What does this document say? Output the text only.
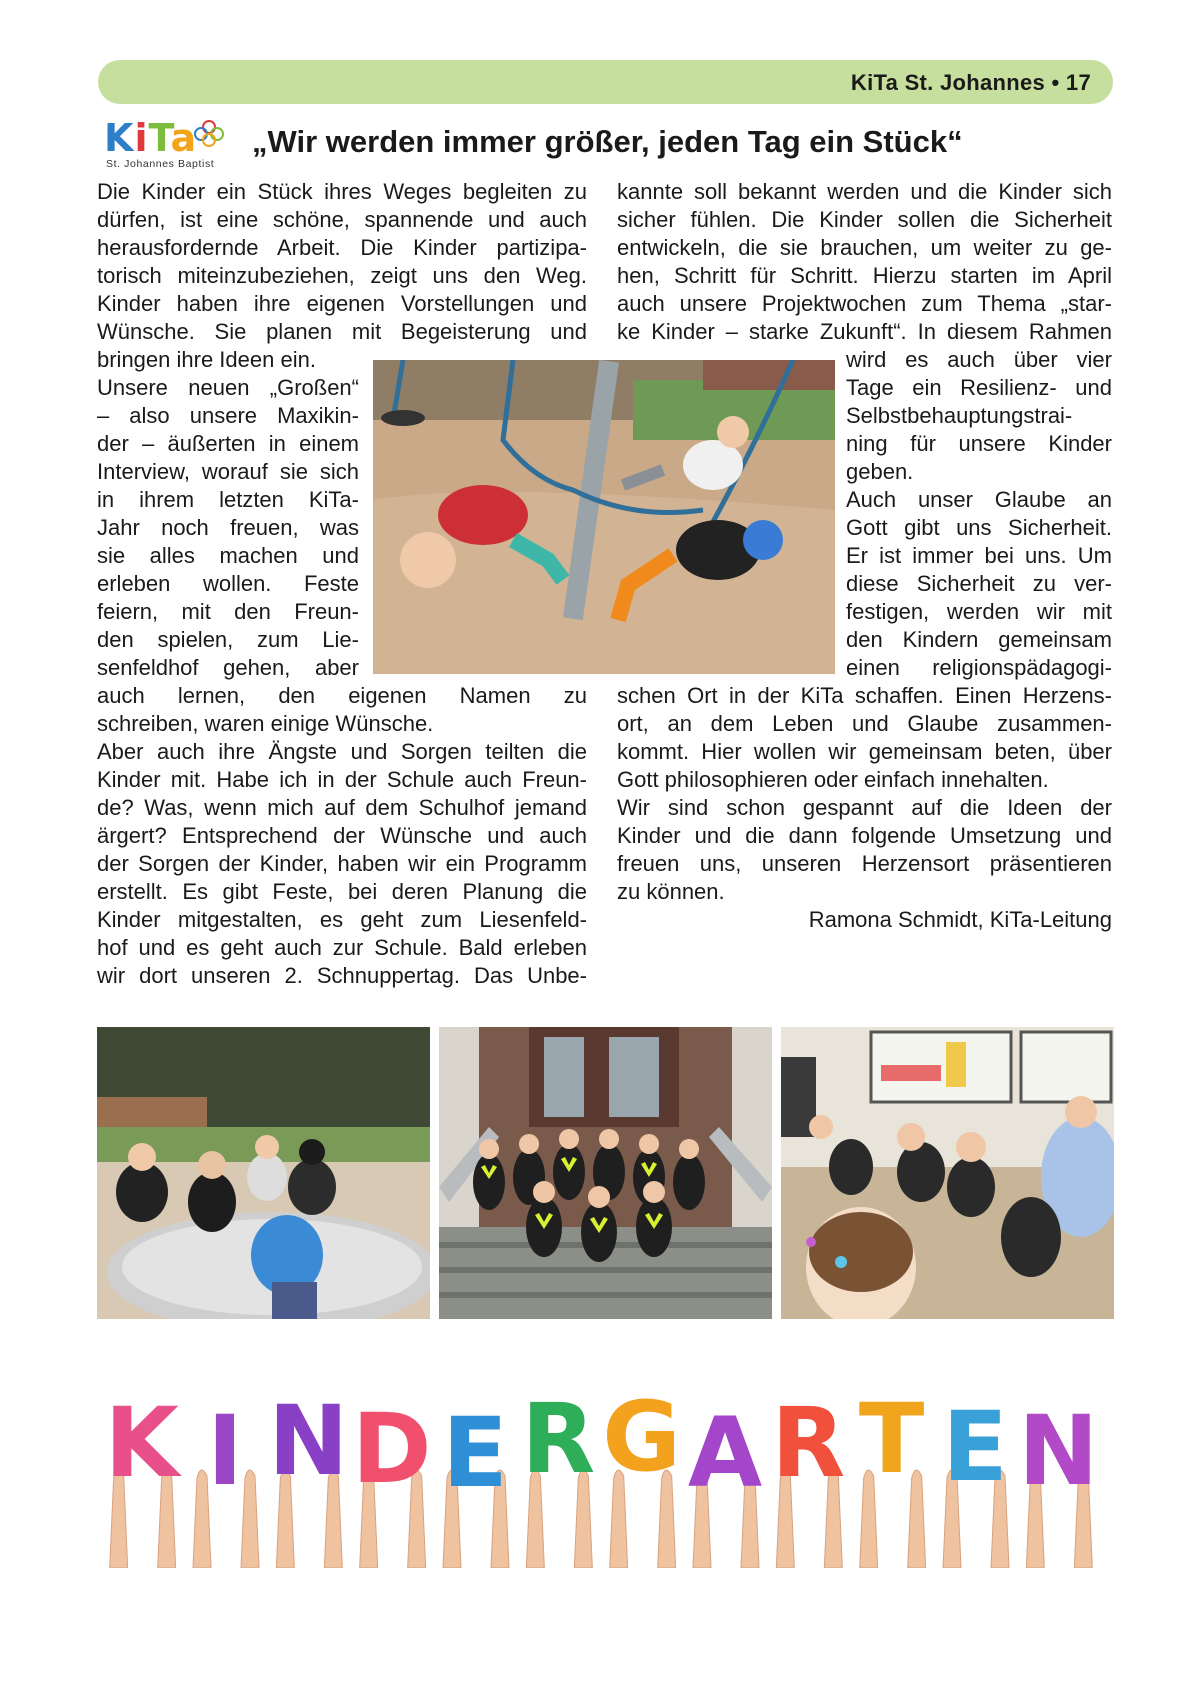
KiTa St. Johannes • 17
KiTa
St. Johannes Baptist
„Wir werden immer größer, jeden Tag ein Stück“
Die Kinder ein Stück ihres Weges begleiten zu
dürfen, ist eine schöne, spannende und auch
herausfordernde Arbeit. Die Kinder partizipa-
torisch miteinzubeziehen, zeigt uns den Weg.
Kinder haben ihre eigenen Vorstellungen und
Wünsche. Sie planen mit Begeisterung und
bringen ihre Ideen ein.
Unsere neuen „Großen“
– also unsere Maxikin-
der – äußerten in einem
Interview, worauf sie sich
in ihrem letzten KiTa-
Jahr noch freuen, was
sie alles machen und
erleben wollen. Feste
feiern, mit den Freun-
den spielen, zum Lie-
senfeldhof gehen, aber
auch lernen, den eigenen Namen zu
schreiben, waren einige Wünsche.
Aber auch ihre Ängste und Sorgen teilten die
Kinder mit. Habe ich in der Schule auch Freun-
de? Was, wenn mich auf dem Schulhof jemand
ärgert? Entsprechend der Wünsche und auch
der Sorgen der Kinder, haben wir ein Programm
erstellt. Es gibt Feste, bei deren Planung die
Kinder mitgestalten, es geht zum Liesenfeld-
hof und es geht auch zur Schule. Bald erleben
wir dort unseren 2. Schnuppertag. Das Unbe-
kannte soll bekannt werden und die Kinder sich
sicher fühlen. Die Kinder sollen die Sicherheit
entwickeln, die sie brauchen, um weiter zu ge-
hen, Schritt für Schritt. Hierzu starten im April
auch unsere Projektwochen zum Thema „star-
ke Kinder – starke Zukunft“. In diesem Rahmen
wird es auch über vier
Tage ein Resilienz- und
Selbstbehauptungstrai-
ning für unsere Kinder
geben.
Auch unser Glaube an
Gott gibt uns Sicherheit.
Er ist immer bei uns. Um
diese Sicherheit zu ver-
festigen, werden wir mit
den Kindern gemeinsam
einen religionspädagogi-
schen Ort in der KiTa schaffen. Einen Herzens-
ort, an dem Leben und Glaube zusammen-
kommt. Hier wollen wir gemeinsam beten, über
Gott philosophieren oder einfach innehalten.
Wir sind schon gespannt auf die Ideen der
Kinder und die dann folgende Umsetzung und
freuen uns, unseren Herzensort präsentieren
zu können.
Ramona Schmidt, KiTa-Leitung
K I N D E R G A R T E N
